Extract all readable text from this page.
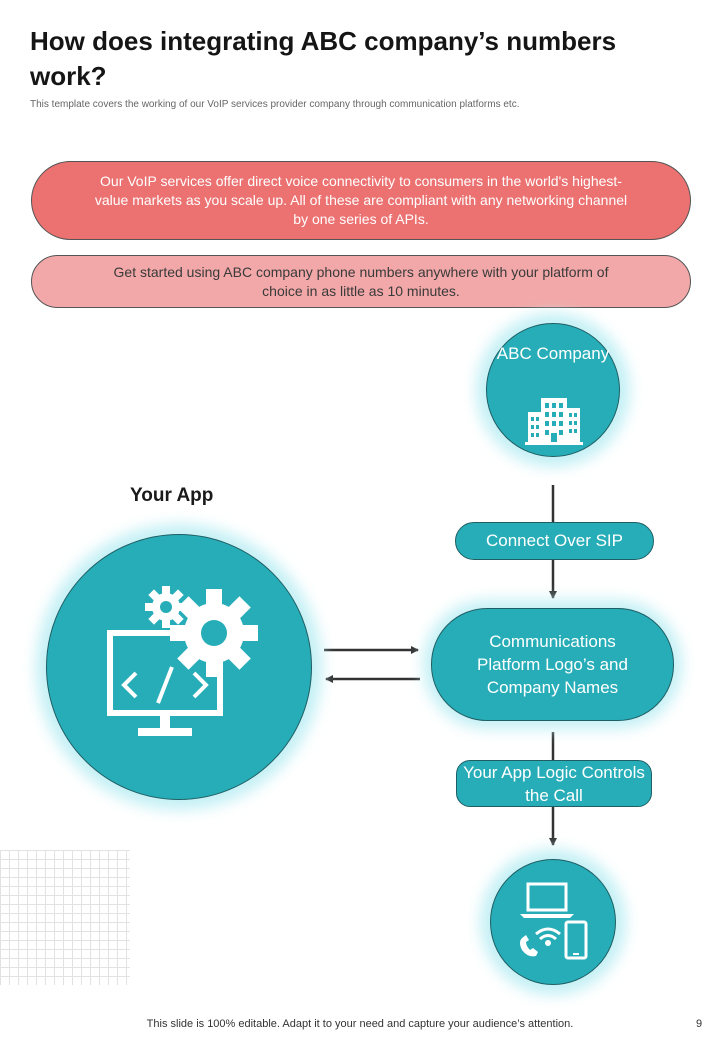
How does integrating ABC company’s numbers work?
This template covers the working of our VoIP services provider company through communication platforms etc.
Our VoIP services offer direct voice connectivity to consumers in the world's highest-value markets as you scale up. All of these are compliant with any networking channel by one series of APIs.
Get started using ABC company phone numbers anywhere with your platform of choice in as little as 10 minutes.
ABC Company
Your App
Connect Over SIP
Communications Platform Logo’s and Company Names
Your App Logic Controls the Call
This slide is 100% editable. Adapt it to your need and capture your audience’s attention.	9
